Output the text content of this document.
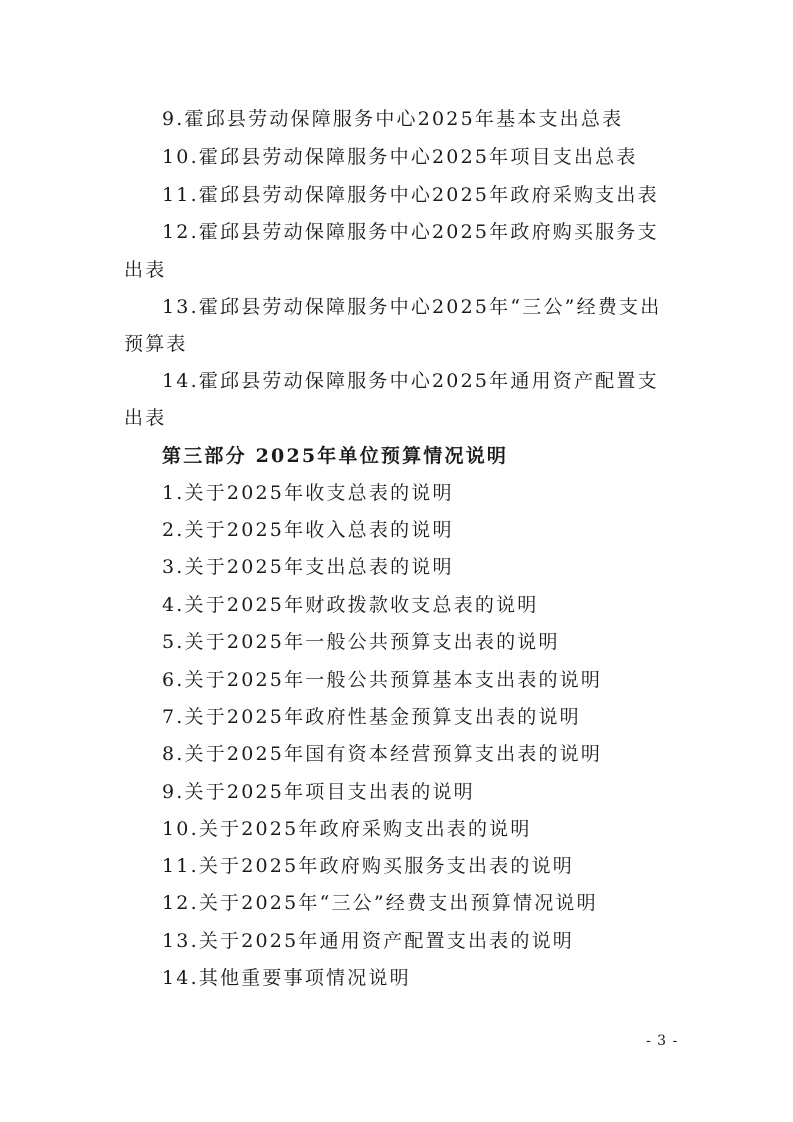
9.霍邱县劳动保障服务中心2025年基本支出总表
10.霍邱县劳动保障服务中心2025年项目支出总表
11.霍邱县劳动保障服务中心2025年政府采购支出表
12.霍邱县劳动保障服务中心2025年政府购买服务支
出表
13.霍邱县劳动保障服务中心2025年“三公”经费支出
预算表
14.霍邱县劳动保障服务中心2025年通用资产配置支
出表
第三部分 2025年单位预算情况说明
1.关于2025年收支总表的说明
2.关于2025年收入总表的说明
3.关于2025年支出总表的说明
4.关于2025年财政拨款收支总表的说明
5.关于2025年一般公共预算支出表的说明
6.关于2025年一般公共预算基本支出表的说明
7.关于2025年政府性基金预算支出表的说明
8.关于2025年国有资本经营预算支出表的说明
9.关于2025年项目支出表的说明
10.关于2025年政府采购支出表的说明
11.关于2025年政府购买服务支出表的说明
12.关于2025年“三公”经费支出预算情况说明
13.关于2025年通用资产配置支出表的说明
14.其他重要事项情况说明
- 3 -
